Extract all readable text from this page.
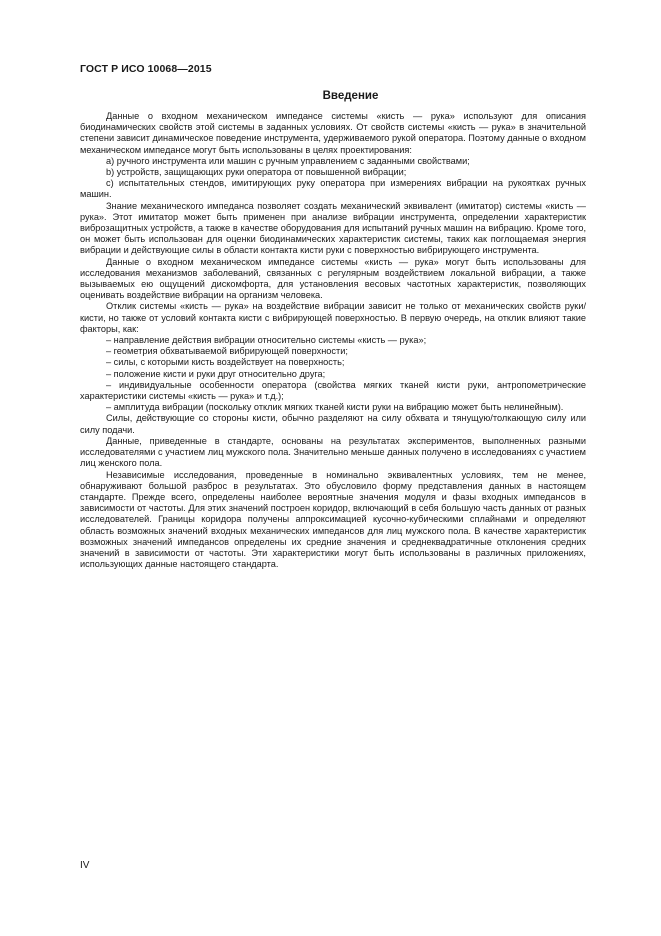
ГОСТ Р ИСО 10068—2015
Введение

Данные о входном механическом импедансе системы «кисть — рука» используют для описания биодинамических свойств этой системы в заданных условиях. От свойств системы «кисть — рука» в значительной степени зависит динамическое поведение инструмента, удерживаемого рукой оператора. Поэтому данные о входном механическом импедансе могут быть использованы в целях проектирования:

a) ручного инструмента или машин с ручным управлением с заданными свойствами;

b) устройств, защищающих руки оператора от повышенной вибрации;

c) испытательных стендов, имитирующих руку оператора при измерениях вибрации на рукоятках ручных машин.

Знание механического импеданса позволяет создать механический эквивалент (имитатор) системы «кисть — рука». Этот имитатор может быть применен при анализе вибрации инструмента, определении характеристик виброзащитных устройств, а также в качестве оборудования для испытаний ручных машин на вибрацию. Кроме того, он может быть использован для оценки биодинамических характеристик системы, таких как поглощаемая энергия вибрации и действующие силы в области контакта кисти руки с поверхностью вибрирующего инструмента.

Данные о входном механическом импедансе системы «кисть — рука» могут быть использованы для исследования механизмов заболеваний, связанных с регулярным воздействием локальной вибрации, а также вызываемых ею ощущений дискомфорта, для установления весовых частотных характеристик, позволяющих оценивать воздействие вибрации на организм человека.

Отклик системы «кисть — рука» на воздействие вибрации зависит не только от механических свойств руки/кисти, но также от условий контакта кисти с вибрирующей поверхностью. В первую очередь, на отклик влияют такие факторы, как:

– направление действия вибрации относительно системы «кисть — рука»;

– геометрия обхватываемой вибрирующей поверхности;

– силы, с которыми кисть воздействует на поверхность;

– положение кисти и руки друг относительно друга;

– индивидуальные особенности оператора (свойства мягких тканей кисти руки, антропометрические характеристики системы «кисть — рука» и т.д.);

– амплитуда вибрации (поскольку отклик мягких тканей кисти руки на вибрацию может быть нелинейным).

Силы, действующие со стороны кисти, обычно разделяют на силу обхвата и тянущую/толкающую силу или силу подачи.

Данные, приведенные в стандарте, основаны на результатах экспериментов, выполненных разными исследователями с участием лиц мужского пола. Значительно меньше данных получено в исследованиях с участием лиц женского пола.

Независимые исследования, проведенные в номинально эквивалентных условиях, тем не менее, обнаруживают большой разброс в результатах. Это обусловило форму представления данных в настоящем стандарте. Прежде всего, определены наиболее вероятные значения модуля и фазы входных импедансов в зависимости от частоты. Для этих значений построен коридор, включающий в себя большую часть данных от разных исследователей. Границы коридора получены аппроксимацией кусочно-кубическими сплайнами и определяют область возможных значений входных механических импедансов для лиц мужского пола. В качестве характеристик возможных значений импедансов определены их средние значения и среднеквадратичные отклонения средних значений в зависимости от частоты. Эти характеристики могут быть использованы в различных приложениях, использующих данные настоящего стандарта.

IV
